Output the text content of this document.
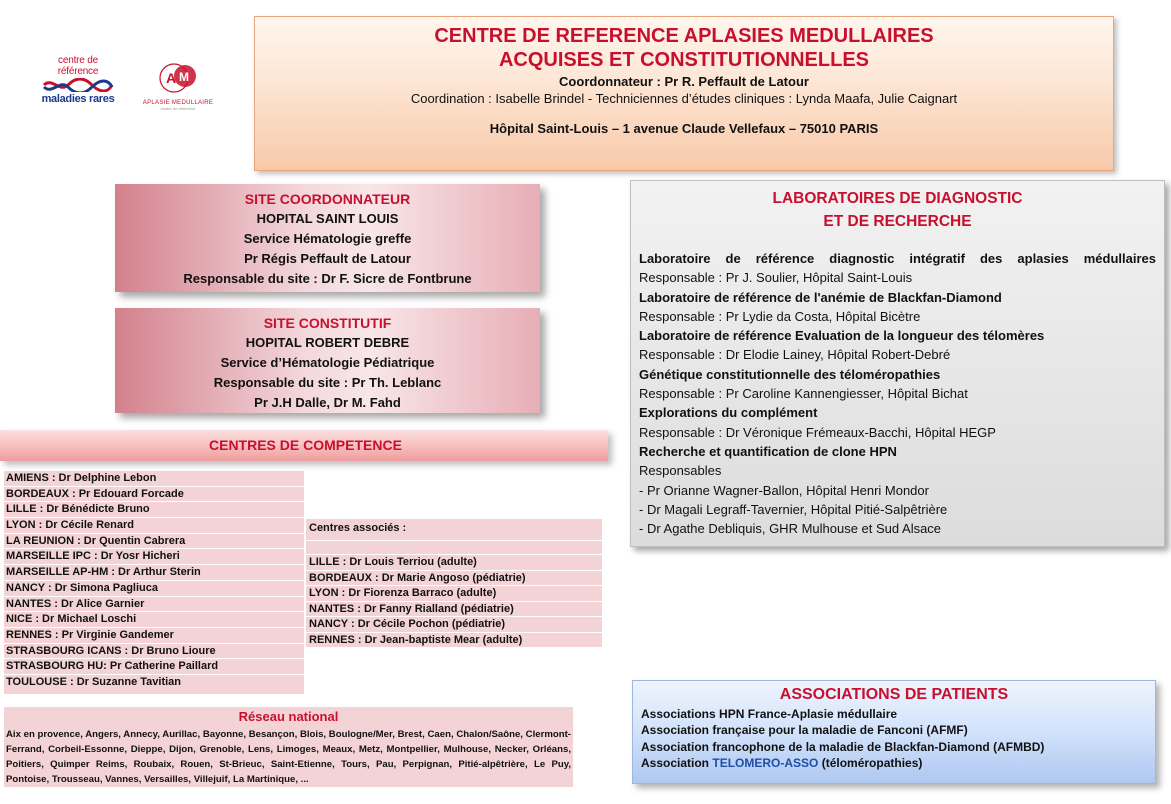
centre de référence
maladies rares
A M
APLASIE MEDULLAIRE
centre de référence
CENTRE DE REFERENCE APLASIES MEDULLAIRES
ACQUISES ET CONSTITUTIONNELLES
Coordonnateur : Pr R. Peffault de Latour
Coordination : Isabelle Brindel - Techniciennes d’études cliniques : Lynda Maafa, Julie Caignart
Hôpital Saint-Louis – 1 avenue Claude Vellefaux – 75010 PARIS
SITE COORDONNATEUR
HOPITAL SAINT LOUIS
Service Hématologie greffe
Pr Régis Peffault de Latour
Responsable du site : Dr F. Sicre de Fontbrune
SITE CONSTITUTIF
HOPITAL ROBERT DEBRE
Service d’Hématologie Pédiatrique
Responsable du site : Pr Th. Leblanc
Pr J.H Dalle, Dr M. Fahd
CENTRES DE COMPETENCE
AMIENS : Dr Delphine Lebon
BORDEAUX : Pr Edouard Forcade
LILLE : Dr Bénédicte Bruno
LYON : Dr Cécile Renard
LA REUNION : Dr Quentin Cabrera
MARSEILLE IPC : Dr Yosr Hicheri
MARSEILLE AP-HM : Dr Arthur Sterin
NANCY : Dr Simona Pagliuca
NANTES : Dr Alice Garnier
NICE : Dr Michael Loschi
RENNES : Pr Virginie Gandemer
STRASBOURG ICANS : Dr Bruno Lioure
STRASBOURG HU: Pr Catherine Paillard
TOULOUSE : Dr Suzanne Tavitian
Centres associés :
LILLE : Dr Louis Terriou (adulte)
BORDEAUX : Dr Marie Angoso (pédiatrie)
LYON : Dr Fiorenza Barraco (adulte)
NANTES : Dr Fanny Rialland (pédiatrie)
NANCY : Dr Cécile Pochon (pédiatrie)
RENNES : Dr Jean-baptiste Mear (adulte)
Réseau national
Aix en provence, Angers, Annecy, Aurillac, Bayonne, Besançon, Blois, Boulogne/Mer, Brest, Caen, Chalon/Saône, Clermont-Ferrand, Corbeil-Essonne, Dieppe, Dijon, Grenoble, Lens, Limoges, Meaux, Metz, Montpellier, Mulhouse, Necker, Orléans, Poitiers, Quimper Reims, Roubaix, Rouen, St-Brieuc, Saint-Etienne, Tours, Pau, Perpignan, Pitié-alpêtrière, Le Puy, Pontoise, Trousseau, Vannes, Versailles, Villejuif, La Martinique, ...
LABORATOIRES DE DIAGNOSTIC
ET DE RECHERCHE
Laboratoire de référence diagnostic intégratif des aplasies médullaires
Responsable : Pr J. Soulier, Hôpital Saint-Louis
Laboratoire de référence de l'anémie de Blackfan-Diamond
Responsable : Pr Lydie da Costa, Hôpital Bicètre
Laboratoire de référence Evaluation de la longueur des télomères
Responsable : Dr Elodie Lainey, Hôpital Robert-Debré
Génétique constitutionnelle des téloméropathies
Responsable : Pr Caroline Kannengiesser, Hôpital Bichat
Explorations du complément
Responsable : Dr Véronique Frémeaux-Bacchi, Hôpital HEGP
Recherche et quantification de clone HPN
Responsables
- Pr Orianne Wagner-Ballon, Hôpital Henri Mondor
- Dr Magali Legraff-Tavernier, Hôpital Pitié-Salpêtrière
- Dr Agathe Debliquis, GHR Mulhouse et Sud Alsace
ASSOCIATIONS DE PATIENTS
Associations HPN France-Aplasie médullaire
Association française pour la maladie de Fanconi (AFMF)
Association francophone de la maladie de Blackfan-Diamond (AFMBD)
Association TELOMERO-ASSO (téloméropathies)
